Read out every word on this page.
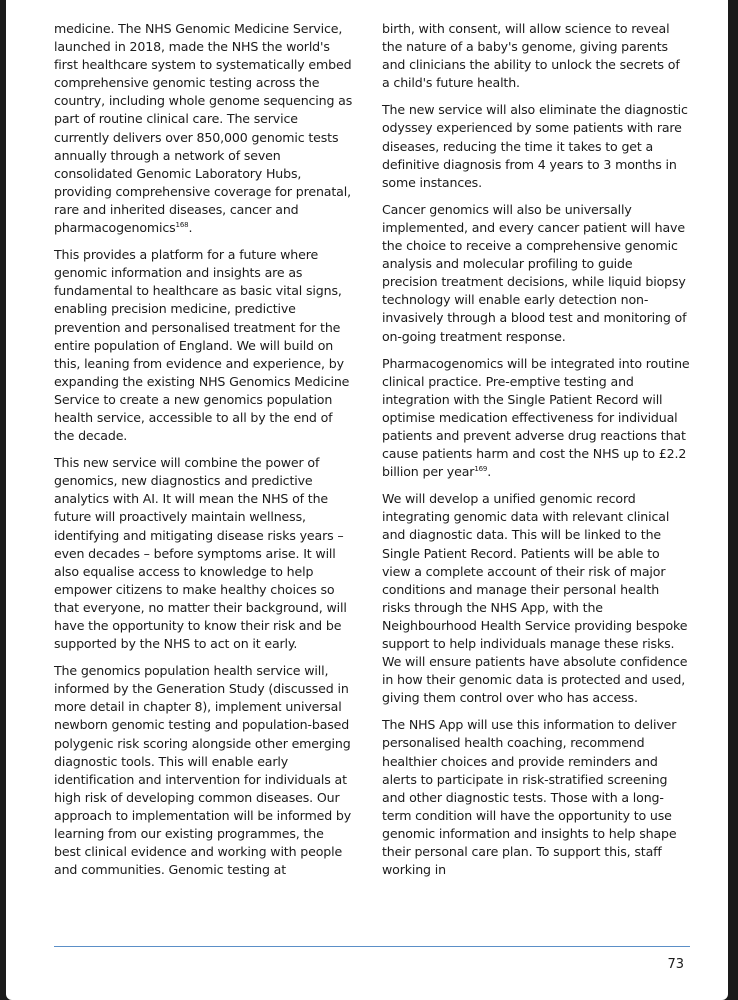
medicine. The NHS Genomic Medicine Service, launched in 2018, made the NHS the world's first healthcare system to systematically embed comprehensive genomic testing across the country, including whole genome sequencing as part of routine clinical care. The service currently delivers over 850,000 genomic tests annually through a network of seven consolidated Genomic Laboratory Hubs, providing comprehensive coverage for prenatal, rare and inherited diseases, cancer and pharmacogenomics$^{168}$.

This provides a platform for a future where genomic information and insights are as fundamental to healthcare as basic vital signs, enabling precision medicine, predictive prevention and personalised treatment for the entire population of England. We will build on this, leaning from evidence and experience, by expanding the existing NHS Genomics Medicine Service to create a new genomics population health service, accessible to all by the end of the decade.

This new service will combine the power of genomics, new diagnostics and predictive analytics with AI. It will mean the NHS of the future will proactively maintain wellness, identifying and mitigating disease risks years – even decades – before symptoms arise. It will also equalise access to knowledge to help empower citizens to make healthy choices so that everyone, no matter their background, will have the opportunity to know their risk and be supported by the NHS to act on it early.

The genomics population health service will, informed by the Generation Study (discussed in more detail in chapter 8), implement universal newborn genomic testing and population-based polygenic risk scoring alongside other emerging diagnostic tools. This will enable early identification and intervention for individuals at high risk of developing common diseases. Our approach to implementation will be informed by learning from our existing programmes, the best clinical evidence and working with people and communities. Genomic testing at

birth, with consent, will allow science to reveal the nature of a baby's genome, giving parents and clinicians the ability to unlock the secrets of a child's future health.

The new service will also eliminate the diagnostic odyssey experienced by some patients with rare diseases, reducing the time it takes to get a definitive diagnosis from 4 years to 3 months in some instances.

Cancer genomics will also be universally implemented, and every cancer patient will have the choice to receive a comprehensive genomic analysis and molecular profiling to guide precision treatment decisions, while liquid biopsy technology will enable early detection non-invasively through a blood test and monitoring of on-going treatment response.

Pharmacogenomics will be integrated into routine clinical practice. Pre-emptive testing and integration with the Single Patient Record will optimise medication effectiveness for individual patients and prevent adverse drug reactions that cause patients harm and cost the NHS up to £2.2 billion per year$^{169}$.

We will develop a unified genomic record integrating genomic data with relevant clinical and diagnostic data. This will be linked to the Single Patient Record. Patients will be able to view a complete account of their risk of major conditions and manage their personal health risks through the NHS App, with the Neighbourhood Health Service providing bespoke support to help individuals manage these risks. We will ensure patients have absolute confidence in how their genomic data is protected and used, giving them control over who has access.

The NHS App will use this information to deliver personalised health coaching, recommend healthier choices and provide reminders and alerts to participate in risk-stratified screening and other diagnostic tests. Those with a long-term condition will have the opportunity to use genomic information and insights to help shape their personal care plan. To support this, staff working in

73
